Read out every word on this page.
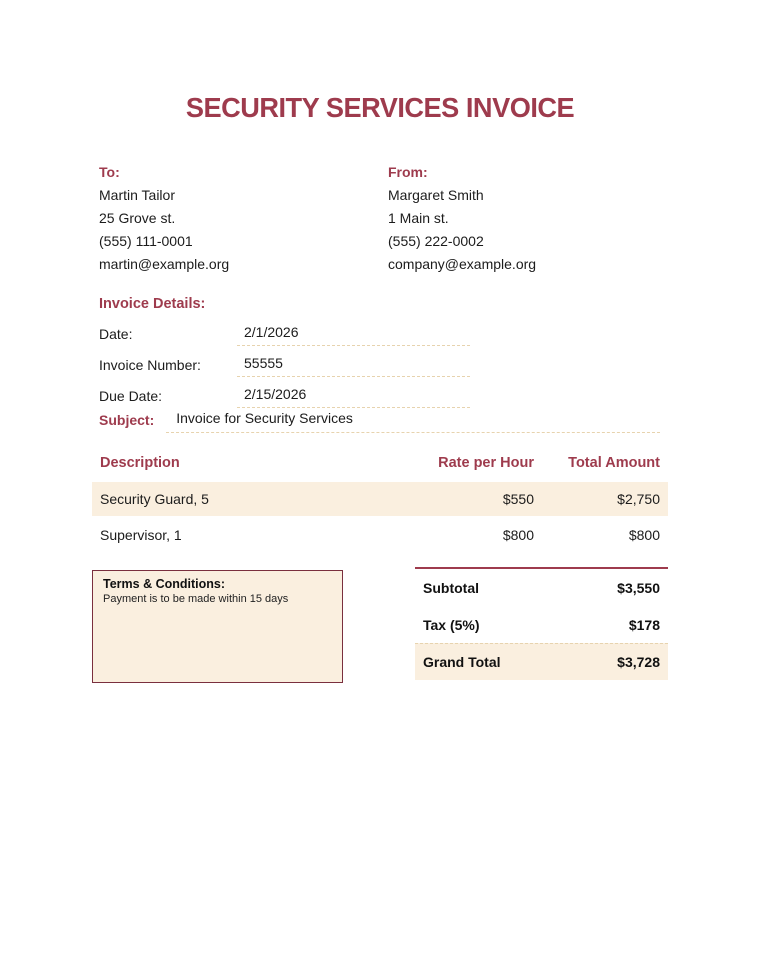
SECURITY SERVICES INVOICE
To:
Martin Tailor
25 Grove st.
(555) 111-0001
martin@example.org
From:
Margaret Smith
1 Main st.
(555) 222-0002
company@example.org
Invoice Details:
Date:	2/1/2026
Invoice Number:	55555
Due Date:	2/15/2026
Subject:	Invoice for Security Services
Description	Rate per Hour	Total Amount
Security Guard, 5	$550	$2,750
Supervisor, 1	$800	$800
Terms & Conditions:
Payment is to be made within 15 days
Subtotal	$3,550
Tax (5%)	$178
Grand Total	$3,728
